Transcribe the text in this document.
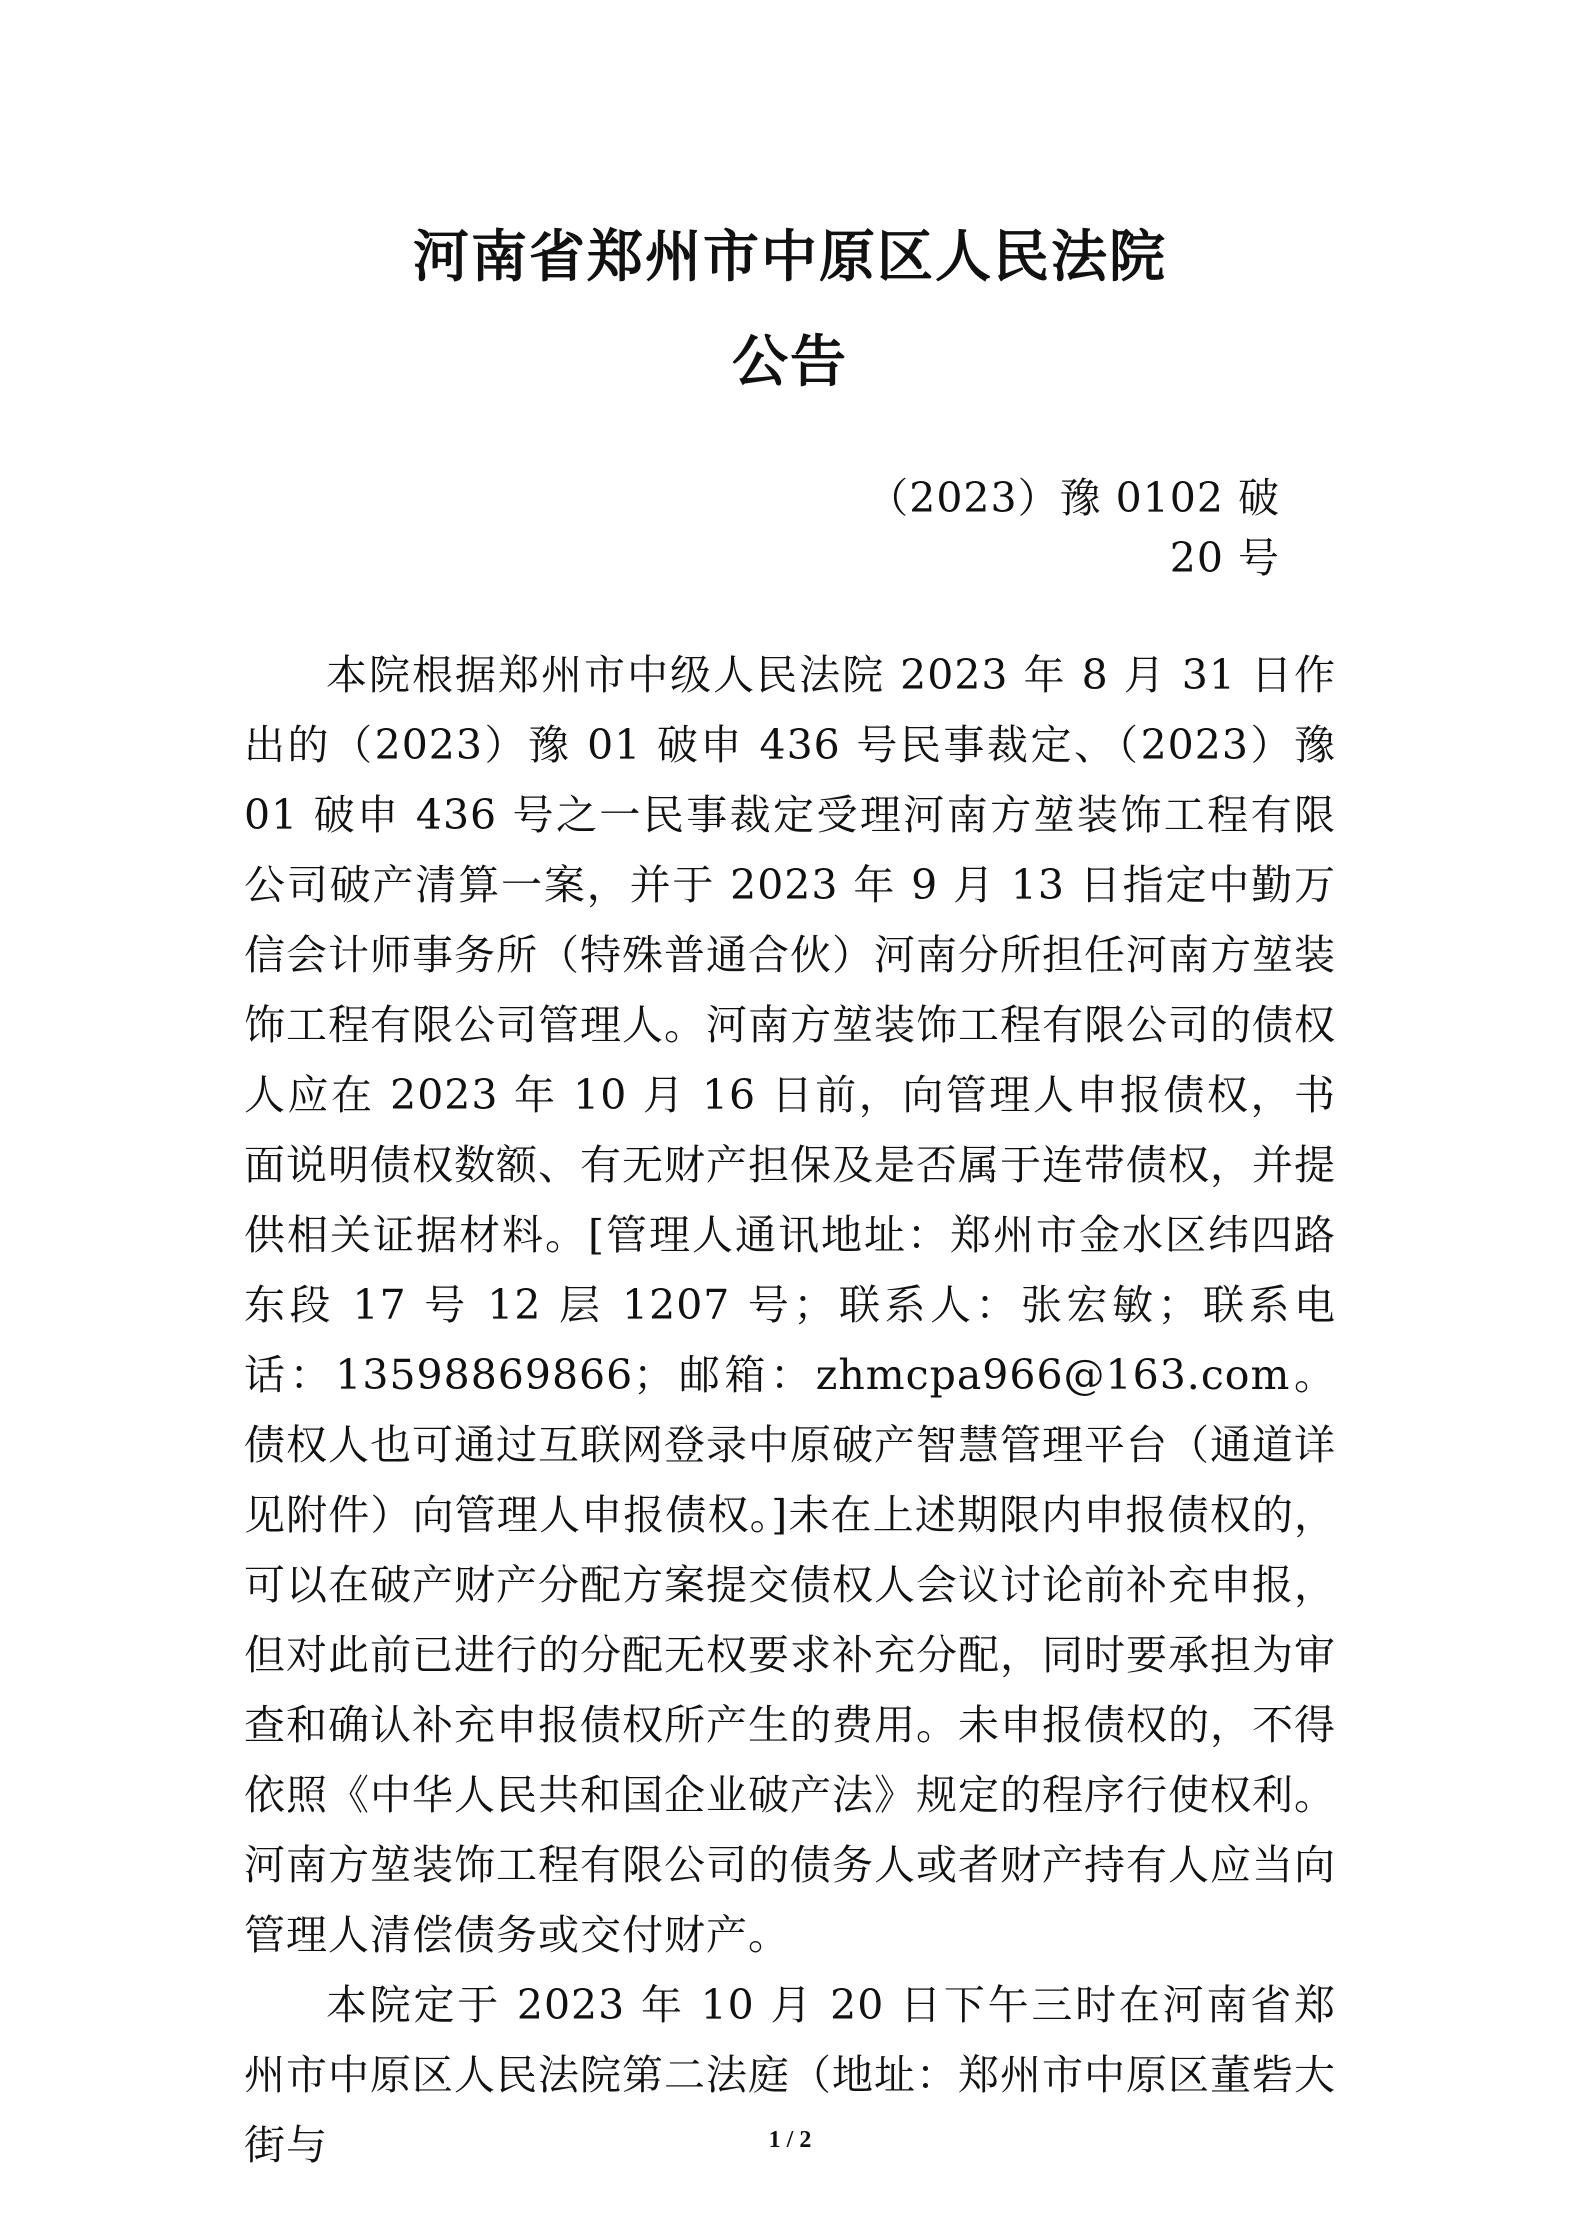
河南省郑州市中原区人民法院
公告
（2023）豫 0102 破 20 号

本院根据郑州市中级人民法院 2023 年 8 月 31 日作出的（2023）豫 01 破申 436 号民事裁定、（2023）豫 01 破申 436 号之一民事裁定受理河南方堃装饰工程有限公司破产清算一案，并于 2023 年 9 月 13 日指定中勤万信会计师事务所（特殊普通合伙）河南分所担任河南方堃装饰工程有限公司管理人。河南方堃装饰工程有限公司的债权人应在 2023 年 10 月 16 日前，向管理人申报债权，书面说明债权数额、有无财产担保及是否属于连带债权，并提供相关证据材料。[管理人通讯地址：郑州市金水区纬四路东段 17 号 12 层 1207 号；联系人：张宏敏；联系电话：13598869866；邮箱：zhmcpa966@163.com。债权人也可通过互联网登录中原破产智慧管理平台（通道详见附件）向管理人申报债权。]未在上述期限内申报债权的，可以在破产财产分配方案提交债权人会议讨论前补充申报，但对此前已进行的分配无权要求补充分配，同时要承担为审查和确认补充申报债权所产生的费用。未申报债权的，不得依照《中华人民共和国企业破产法》规定的程序行使权利。河南方堃装饰工程有限公司的债务人或者财产持有人应当向管理人清偿债务或交付财产。

本院定于 2023 年 10 月 20 日下午三时在河南省郑州市中原区人民法院第二法庭（地址：郑州市中原区董砦大街与	1 / 2
